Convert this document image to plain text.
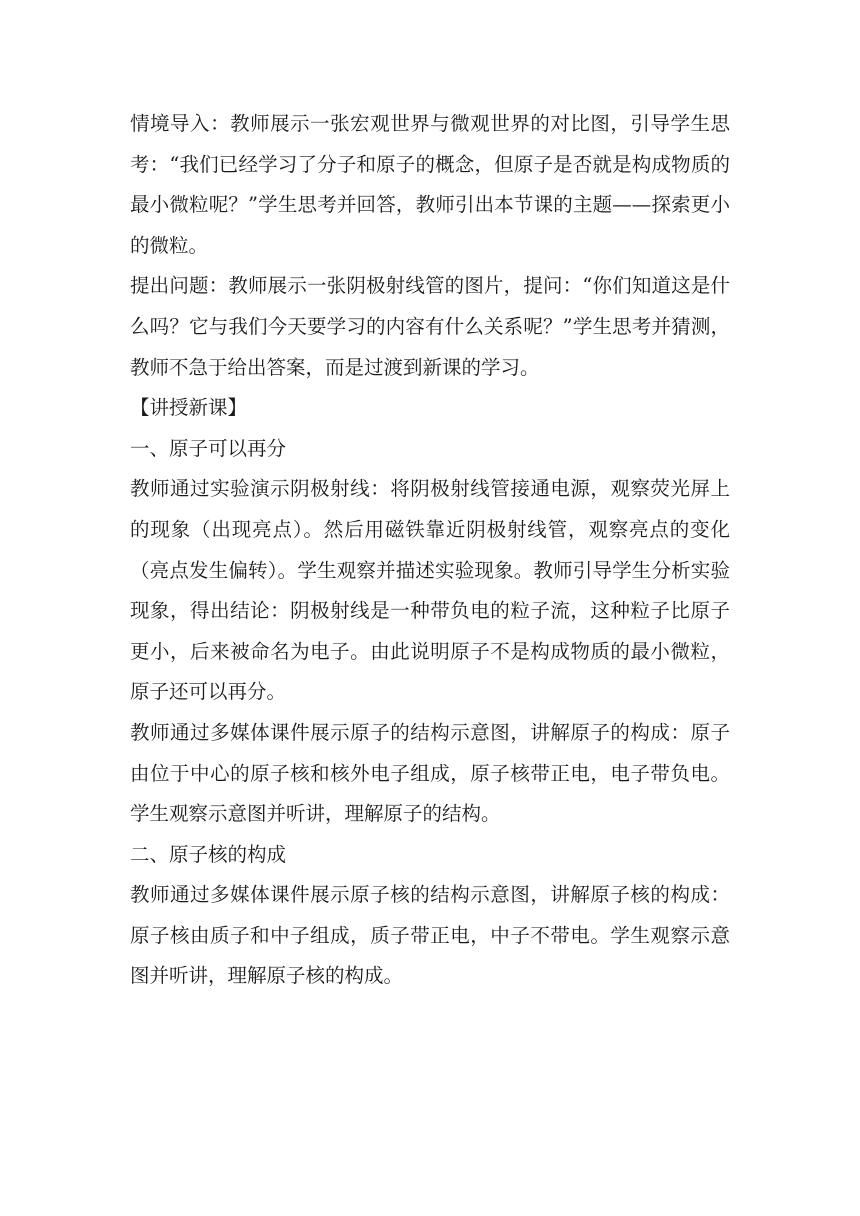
情境导入：教师展示一张宏观世界与微观世界的对比图，引导学生思考：“我们已经学习了分子和原子的概念，但原子是否就是构成物质的最小微粒呢？”学生思考并回答，教师引出本节课的主题——探索更小的微粒。

提出问题：教师展示一张阴极射线管的图片，提问：“你们知道这是什么吗？它与我们今天要学习的内容有什么关系呢？”学生思考并猜测，教师不急于给出答案，而是过渡到新课的学习。

【讲授新课】

一、原子可以再分

教师通过实验演示阴极射线：将阴极射线管接通电源，观察荧光屏上的现象（出现亮点）。然后用磁铁靠近阴极射线管，观察亮点的变化（亮点发生偏转）。学生观察并描述实验现象。教师引导学生分析实验现象，得出结论：阴极射线是一种带负电的粒子流，这种粒子比原子更小，后来被命名为电子。由此说明原子不是构成物质的最小微粒，原子还可以再分。

教师通过多媒体课件展示原子的结构示意图，讲解原子的构成：原子由位于中心的原子核和核外电子组成，原子核带正电，电子带负电。学生观察示意图并听讲，理解原子的结构。

二、原子核的构成

教师通过多媒体课件展示原子核的结构示意图，讲解原子核的构成：原子核由质子和中子组成，质子带正电，中子不带电。学生观察示意图并听讲，理解原子核的构成。
